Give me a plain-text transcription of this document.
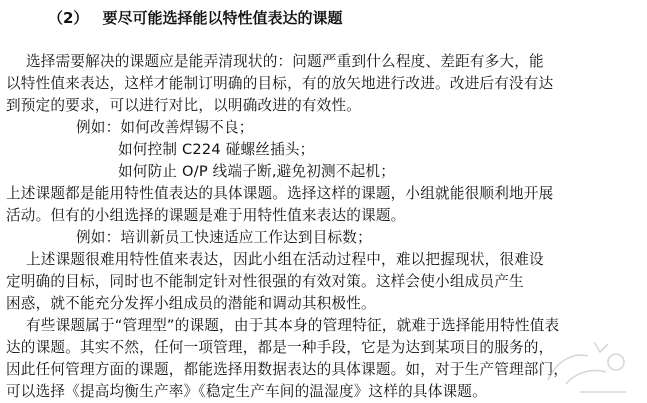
（2） 要尽可能选择能以特性值表达的课题
选择需要解决的课题应是能弄清现状的：问题严重到什么程度、差距有多大，能
以特性值来表达，这样才能制订明确的目标，有的放矢地进行改进。改进后有没有达
到预定的要求，可以进行对比，以明确改进的有效性。
例如：如何改善焊锡不良；
如何控制 C224 碰螺丝插头；
如何防止 O/P 线端子断,避免初测不起机；
上述课题都是能用特性值表达的具体课题。选择这样的课题，小组就能很顺利地开展
活动。但有的小组选择的课题是难于用特性值来表达的课题。
例如：培训新员工快速适应工作达到目标数；
上述课题很难用特性值来表达，因此小组在活动过程中，难以把握现状，很难设
定明确的目标，同时也不能制定针对性很强的有效对策。这样会使小组成员产生
困惑，就不能充分发挥小组成员的潜能和调动其积极性。
有些课题属于“管理型”的课题，由于其本身的管理特征，就难于选择能用特性值表
达的课题。其实不然，任何一项管理，都是一种手段，它是为达到某项目的服务的，
因此任何管理方面的课题，都能选择用数据表达的具体课题。如，对于生产管理部门，
可以选择《提高均衡生产率》《稳定生产车间的温湿度》这样的具体课题。
